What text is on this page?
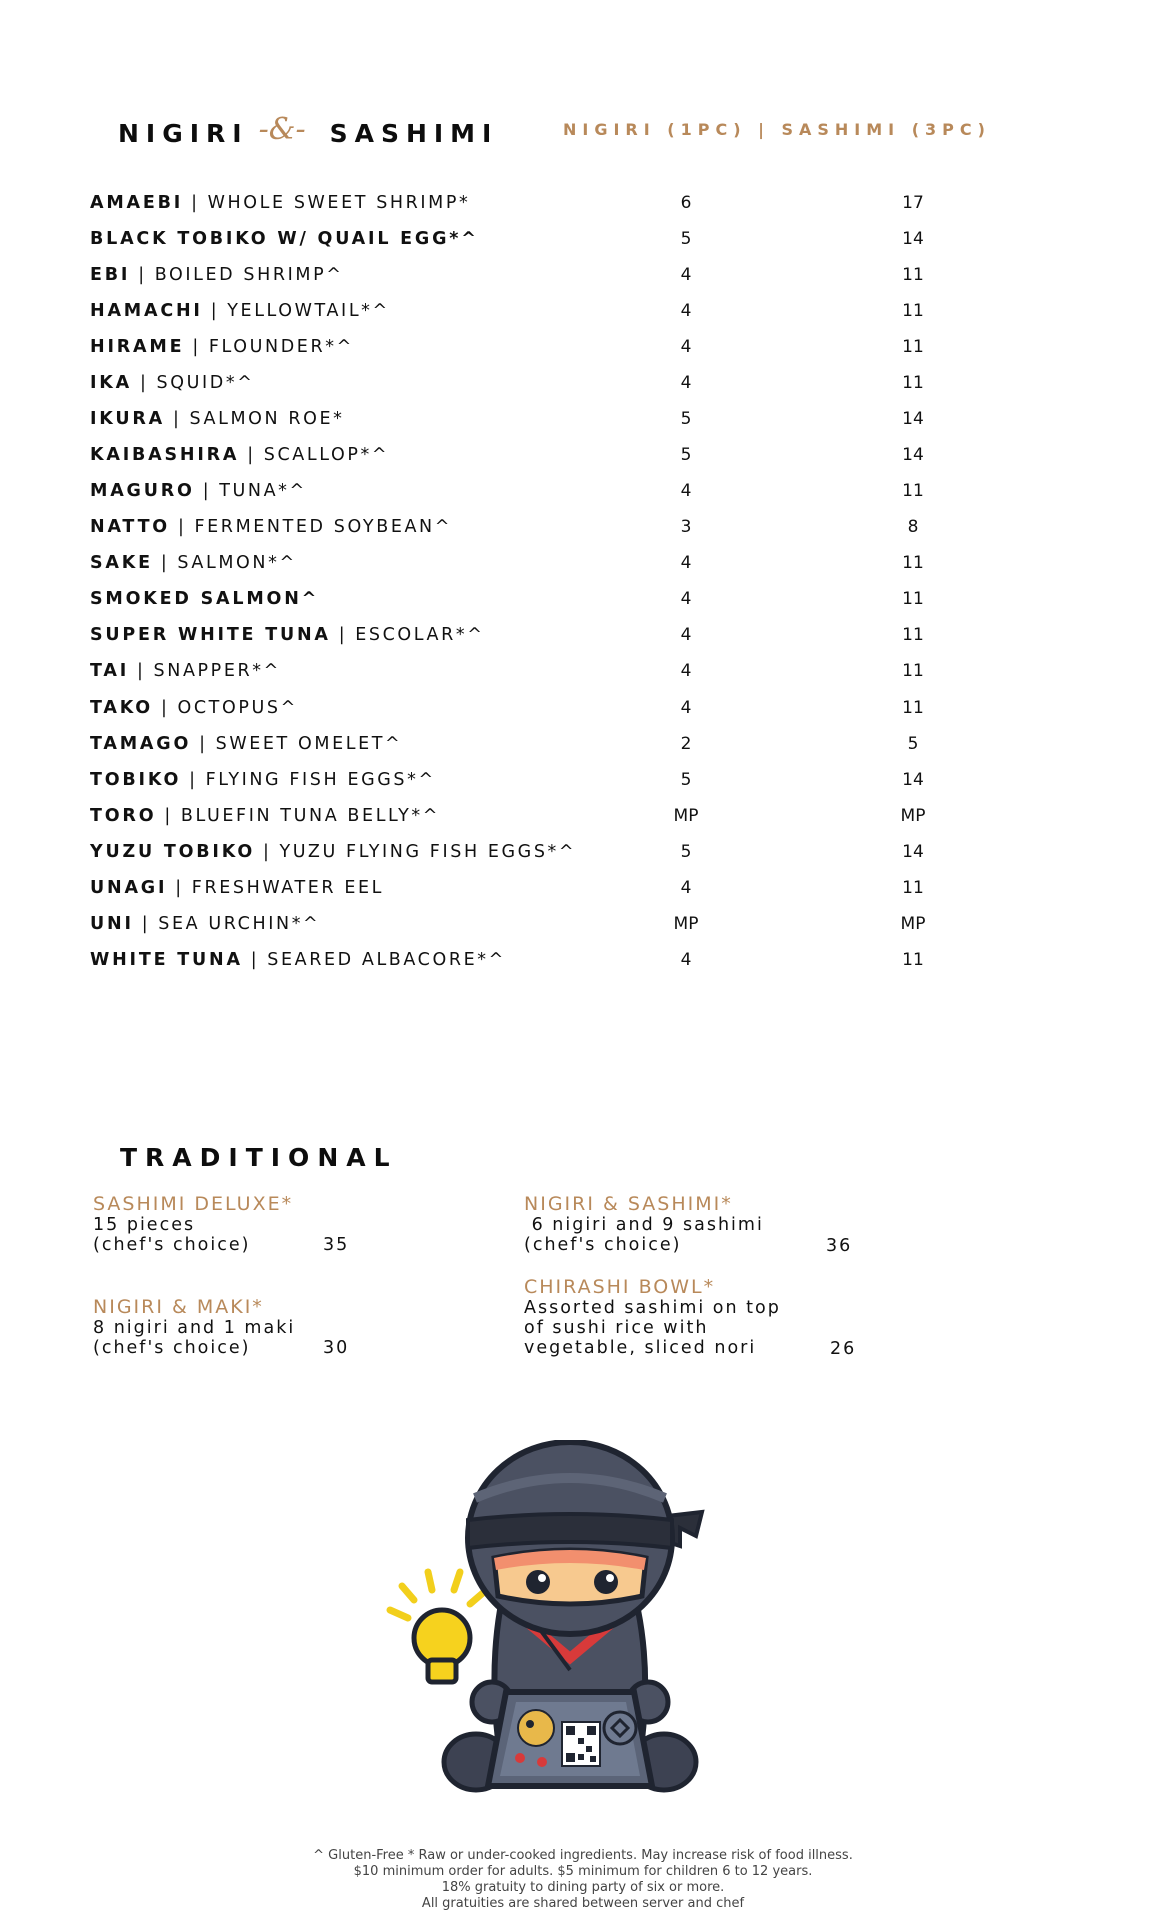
NIGIRI -&- SASHIMI	NIGIRI (1PC) | SASHIMI (3PC)
AMAEBI | WHOLE SWEET SHRIMP*	6	17
BLACK TOBIKO W/ QUAIL EGG*^	5	14
EBI | BOILED SHRIMP^	4	11
HAMACHI | YELLOWTAIL*^	4	11
HIRAME | FLOUNDER*^	4	11
IKA | SQUID*^	4	11
IKURA | SALMON ROE*	5	14
KAIBASHIRA | SCALLOP*^	5	14
MAGURO | TUNA*^	4	11
NATTO | FERMENTED SOYBEAN^	3	8
SAKE | SALMON*^	4	11
SMOKED SALMON^	4	11
SUPER WHITE TUNA | ESCOLAR*^	4	11
TAI | SNAPPER*^	4	11
TAKO | OCTOPUS^	4	11
TAMAGO | SWEET OMELET^	2	5
TOBIKO | FLYING FISH EGGS*^	5	14
TORO | BLUEFIN TUNA BELLY*^	MP	MP
YUZU TOBIKO | YUZU FLYING FISH EGGS*^	5	14
UNAGI | FRESHWATER EEL	4	11
UNI | SEA URCHIN*^	MP	MP
WHITE TUNA | SEARED ALBACORE*^	4	11
TRADITIONAL
SASHIMI DELUXE*
15 pieces
(chef's choice)	35
NIGIRI & MAKI*
8 nigiri and 1 maki
(chef's choice)	30
NIGIRI & SASHIMI*
6 nigiri and 9 sashimi
(chef's choice)	36
CHIRASHI BOWL*
Assorted sashimi on top
of sushi rice with
vegetable, sliced nori	26
^ Gluten-Free * Raw or under-cooked ingredients. May increase risk of food illness.
$10 minimum order for adults. $5 minimum for children 6 to 12 years.
18% gratuity to dining party of six or more.
All gratuities are shared between server and chef
